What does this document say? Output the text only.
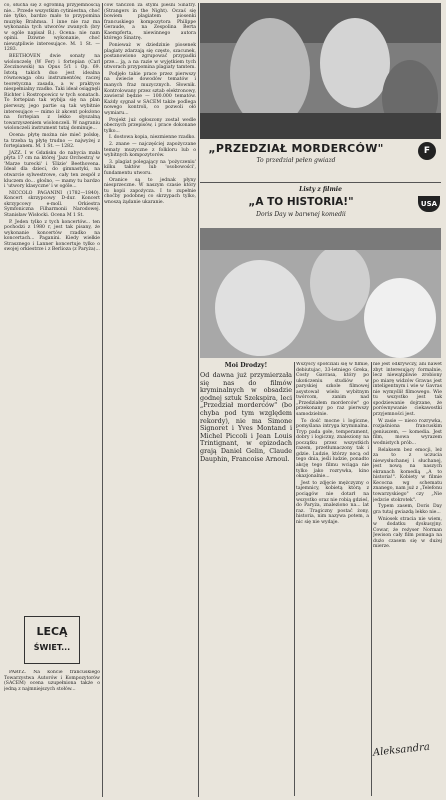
„PRZEDZIAŁ MORDERCÓW"
To przedział pełen gwiazd
F
Listy z filmie
„A TO HISTORIA!"
Doris Day w barwnej komedii
USA

co, słucha się z ogromną przyjemnością nie... Przede wszystkim cytiniestna, choć nie tylko, bardzo mało to przypomina muzykę Brahmsa. I inne nie raz ma wykonania tych utworów zwanych (bry w ogóle napisał B.). Ocena: nie nam opinii. Dziwne wykonanie, choć niewątpliwie interesujące. M. 1 St. — 1283.

BEETHOVEN dwie sonaty na wiolonczelę (W Fer) i fortepian (Carl Zeczinowski) na Opus 5/1 i Op. 69. Istotą takich duo jest idealna równowaga obu instrumentów, raczej teoretyczna zasada, a w praktyce niespełnialny rzadko. Taki ideał osiągnęli Richter i Rostropowicz w tych sonatach. To fortepian tak wybija się na plan pierwszy, jego partie są tak wybitnie interesujące — mimo iż akcent położono na fortepian z lekko słyszalną towarzyszeniem wiolonczeli. W nagraniu wiolonczeli instrument tutaj dominuje...

Ocena: płytę można nie mieć polskę, ta trzeba tą płytę trudno — najwyżej z fortepianem. M. 1 St. — 1282.

JAZZ. I w Gdańsku do nabycia mała płyta 17 cm na której 'Jazz Orchestrą' w 'Marze turecki' i 'Elizie' Beethovena. Ideał dla dzieci, do gimnastyki, na otwarcie sylwestrowe, cały ten zespół z kluczem do... głośno, — mamy tu bardzo i 'utwory klasyczne' i w ogóle...

NICCOLO PAGANINI (1782—1840). Koncert skrzypcowy D-dur. Koncert skrzypcowy e-moll. Orkiestra Symfoniczna Filharmonii Narodowej. Stanisław Wisłocki. Ocena M 1 St.

P. Jeden tylko z tych koncertów... ten pochodzi z 1980 r, jest tak pisany, że wykonanie koncertów rzadko na koncertach... Paganini. Kiedy wielkie Strasznego i Lanner koncertuje tylko o swojej orkiestrze i z Berlioza (z Paryża)...

LECĄ
ŚWIET...

PARYŻ. Na koncie francuskiego Towarzystwa Autorów i Kompozytorów (SACEM) ocena uzupełniona także o jedną z najmniejszych stołów...

ców tańczon za stymi pieśni Sinatry. (Strangers in the Night). Oczaś się bowiem plagiatem piosenki francuskiego kompozytora Philippe Geraude, a na Zespolina Berta Kaempferta, niewinnego autora którego Sinatrę.

Ponieważ w dziedzinie piosenek plagiaty zdarzają się często, szacunek, postanowiono zgrupować przypadki prze... ją, a na razie w wyjętkiem tych utworach przypomina plagiaty tamtem.

Podjęło takie prace przez pierwszy na świecie dowodów tematów i manych fraz muzycznych. Słownik. Kontrolowany przez sztab elektronowy, zawierał będzie — 100.000 tematów. Każdy sygnał w SACEM także podlega nowego kontroli, co pozwoli ołó wymiaru...

Projekt już ogłoszony został wedle obecnych przepisów, i prace dokonane tylko...

I. dostowa kopia, niezmienne rzadko.

2. znane — najczęściej zapożyczane tematy muzyczne z folkloru lub o wybitnych kompozytorów.

3. plagiat polegający na 'pożyczeniu' kilku taktów lub 'osobowości', fundamentu utworu.

Oranice są to jednak płyny niesprzeczne. W naszym czasie który tu kopii zapożycza. I to zupełnie choćby podobnej co skrzypach tylko, wnoszą żądanie ukaranie.

Moi Drodzy!
Od dawna już przymierzała się nas do filmów kryminalnych w obsadzie godnej sztuk Szekspira, leci „Przedział morderców" (bo chyba pod tym względem rekordy), nie ma Simone Signoret i Yves Montand i Michel Piccoli i Jean Louis Trintignant, w epizodach grają Daniel Gelin, Claude Dauphin, Francoise Arnoul.

Wszyscy spółcziali się w filmie, debiutujac, 33-letniego Greka, Costy Gavrasa, który po ukończeniu studiów w paryskiej szkole filmowej asystował wielu wybitnym twórcom, zanim nad „Przedziałem morderców" go przekonany po raz pierwszy samodzielnie.

To dość mocne i logiczne, pomyślana intryga kryminalna. Tryp pada gołe, temperament, dobry i logiczny, znaleziony na początku przez wszystkich razem, przetłumaczony tak i gdzie. Ludzie, którzy nocą od tego dnia, jeśli ludzie, ponadto akcję tego filmu wciąga nie tylko jako rozrywka, kino okazjonalnie...

Jest to zdjęcie mężczyzny o tajemnicy, kobietą którą z pociągów nie dotarł na wszystko oraz nie robią gdzieś, do Paryża, znaleziono na... lat raz. Tragiczny postać żony, historia, nim nazywa potem, a nic się nie wydaje.

nie jest odkrywczy, ani nawet zbyt interesujący formalnie, lecz niewątpliwie zrobiony po miarę widzów Gravas jest inteligentnym i wie w Gavras nie wymyślił filmowego. Wie tu wszystko jest tak spodziewanie dojrzane, że porównywanie ciekawostki przyjemności jest.

W zasie — nieco rozrywka, rozjaśniona francuskim geniuszem, — komedia. Jest film, mowa wyrazem wodnistych prób...

Relaksem bez emocji, leż za to z uczucia niewysłuchanej i słuchanej, jest nową na naszych ekranach komedią „A to historia!". Kobiety w filmie Kecocna wg schematu znanego, nam już z „Telefonu towarzyskiego" czy „Nie jedzcie stokrotek".

Typem zasem, Doris Day gra tutaj gwiazdą lekko nie...

Wniosek stracia nie wiem, w dodatku dyskusyjny. Cowar, że reżyser Norman Jewison cały film pomaga na dużo czasem się w dużej mierze.

Aleksandra
